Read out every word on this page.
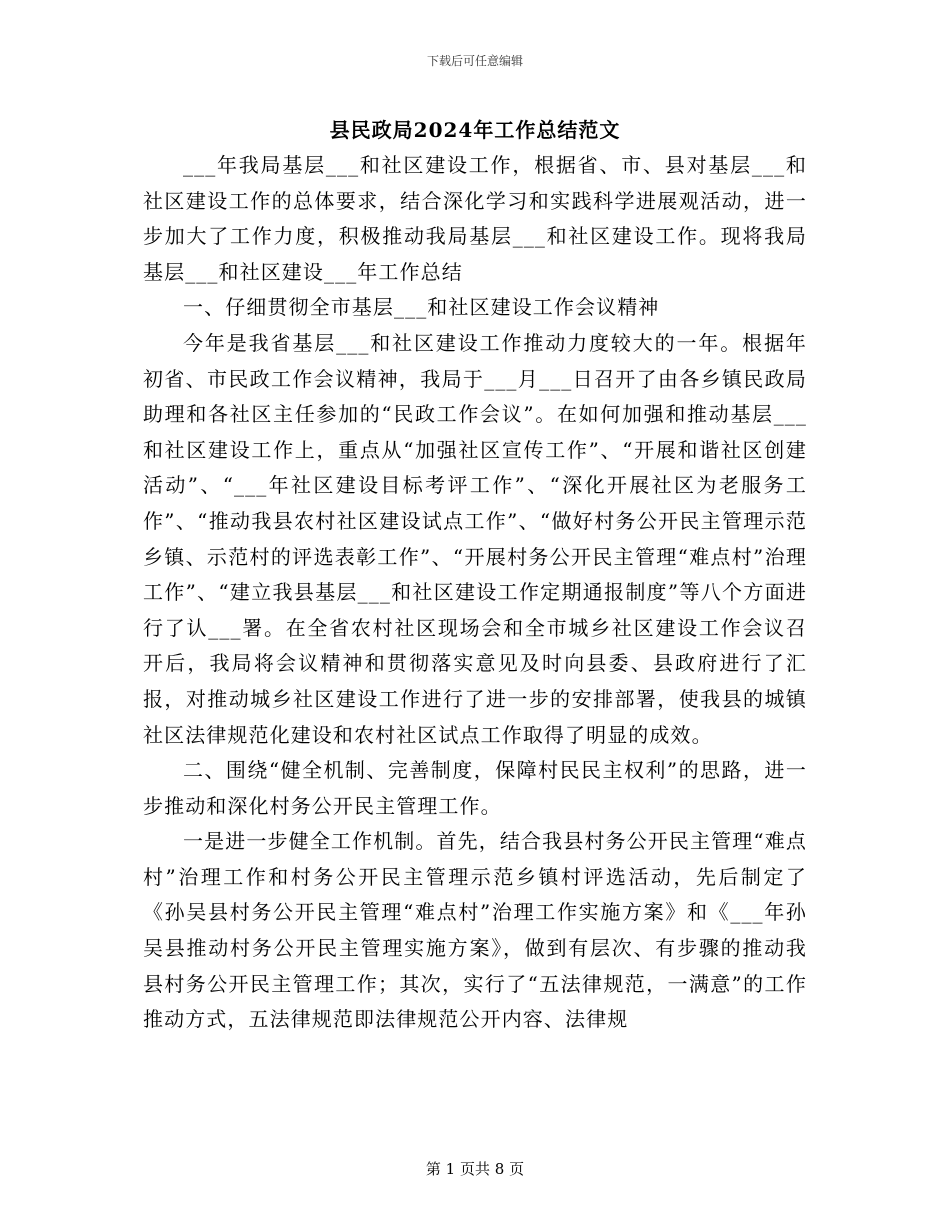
下载后可任意编辑
县民政局2024年工作总结范文

___年我局基层___和社区建设工作，根据省、市、县对基层___和社区建设工作的总体要求，结合深化学习和实践科学进展观活动，进一步加大了工作力度，积极推动我局基层___和社区建设工作。现将我局基层___和社区建设___年工作总结

一、仔细贯彻全市基层___和社区建设工作会议精神

今年是我省基层___和社区建设工作推动力度较大的一年。根据年初省、市民政工作会议精神，我局于___月___日召开了由各乡镇民政局助理和各社区主任参加的“民政工作会议”。在如何加强和推动基层___和社区建设工作上，重点从“加强社区宣传工作”、“开展和谐社区创建活动”、“___年社区建设目标考评工作”、“深化开展社区为老服务工作”、“推动我县农村社区建设试点工作”、“做好村务公开民主管理示范乡镇、示范村的评选表彰工作”、“开展村务公开民主管理“难点村”治理工作”、“建立我县基层___和社区建设工作定期通报制度”等八个方面进行了认___署。在全省农村社区现场会和全市城乡社区建设工作会议召开后，我局将会议精神和贯彻落实意见及时向县委、县政府进行了汇报，对推动城乡社区建设工作进行了进一步的安排部署，使我县的城镇社区法律规范化建设和农村社区试点工作取得了明显的成效。

二、围绕“健全机制、完善制度，保障村民民主权利”的思路，进一步推动和深化村务公开民主管理工作。

一是进一步健全工作机制。首先，结合我县村务公开民主管理“难点村”治理工作和村务公开民主管理示范乡镇村评选活动，先后制定了《孙吴县村务公开民主管理“难点村”治理工作实施方案》和《___年孙吴县推动村务公开民主管理实施方案》，做到有层次、有步骤的推动我县村务公开民主管理工作；其次，实行了“五法律规范，一满意”的工作推动方式，五法律规范即法律规范公开内容、法律规

第 1 页共 8 页
